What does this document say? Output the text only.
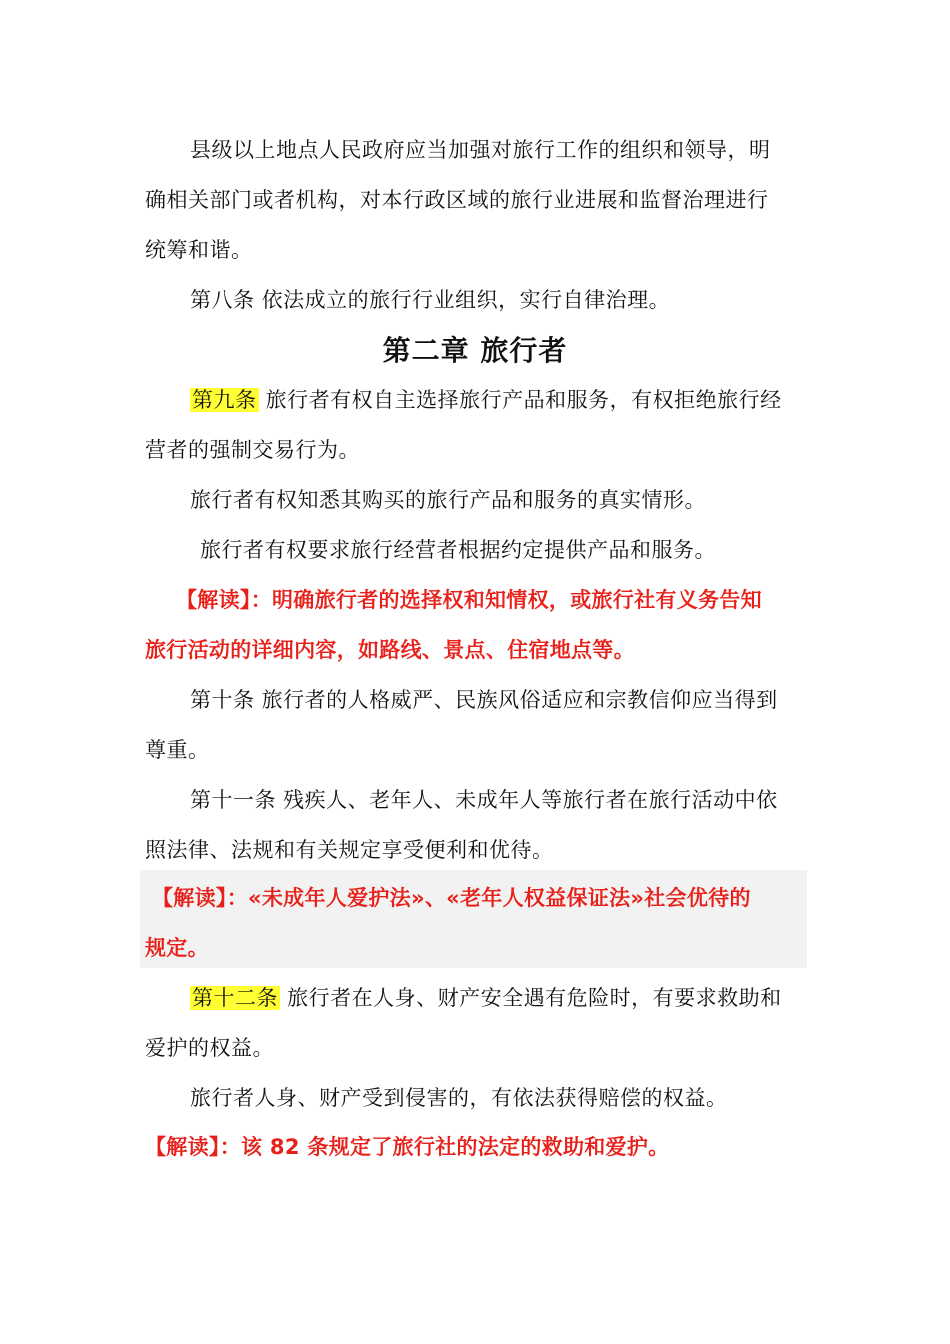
县级以上地点人民政府应当加强对旅行工作的组织和领导，明
确相关部门或者机构，对本行政区域的旅行业进展和监督治理进行
统筹和谐。
第八条 依法成立的旅行行业组织，实行自律治理。
第二章 旅行者
第九条 旅行者有权自主选择旅行产品和服务，有权拒绝旅行经
营者的强制交易行为。
旅行者有权知悉其购买的旅行产品和服务的真实情形。
旅行者有权要求旅行经营者根据约定提供产品和服务。
【解读】：明确旅行者的选择权和知情权，或旅行社有义务告知
旅行活动的详细内容，如路线、景点、住宿地点等。
第十条 旅行者的人格威严、民族风俗适应和宗教信仰应当得到
尊重。
第十一条 残疾人、老年人、未成年人等旅行者在旅行活动中依
照法律、法规和有关规定享受便利和优待。
【解读】：«未成年人爱护法»、«老年人权益保证法»社会优待的
规定。
第十二条 旅行者在人身、财产安全遇有危险时，有要求救助和
爱护的权益。
旅行者人身、财产受到侵害的，有依法获得赔偿的权益。
【解读】：该 82 条规定了旅行社的法定的救助和爱护。
